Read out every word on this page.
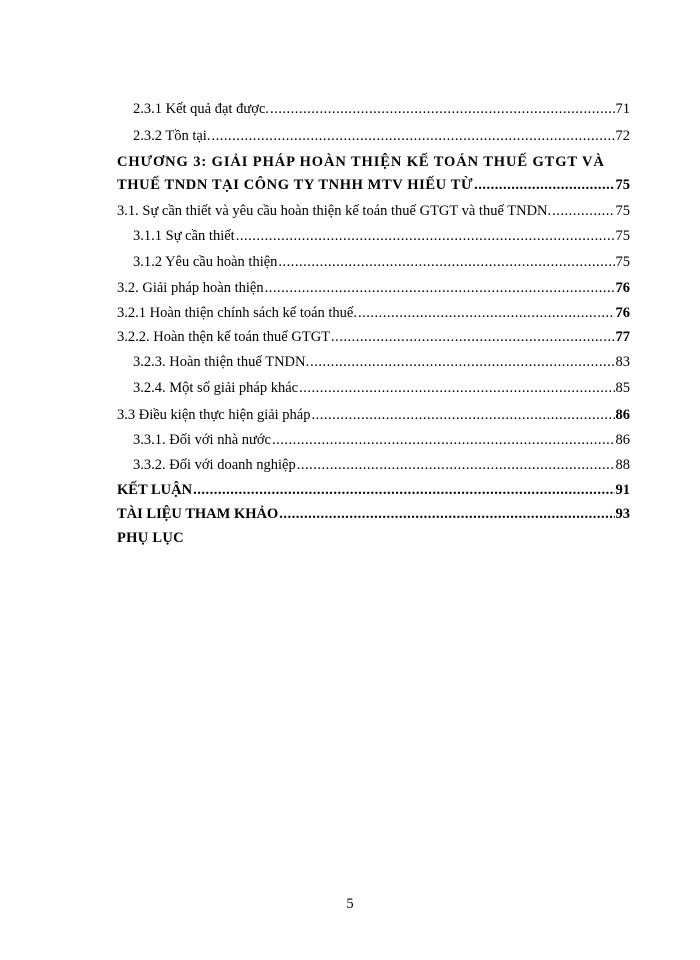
2.3.1 Kết quả đạt được. .....	71
2.3.2 Tồn tại. .....	72
CHƯƠNG 3: GIẢI PHÁP HOÀN THIỆN KẾ TOÁN THUẾ GTGT VÀ
THUẾ TNDN TẠI CÔNG TY TNHH MTV HIẾU TỪ .....	75
3.1. Sự cần thiết và yêu cầu hoàn thiện kế toán thuế GTGT và thuế TNDN. .....	75
3.1.1 Sự cần thiết .....	75
3.1.2 Yêu cầu hoàn thiện .....	75
3.2. Giải pháp hoàn thiện .....	76
3.2.1 Hoàn thiện chính sách kế toán thuế. .....	76
3.2.2. Hoàn thện kế toán thuế GTGT .....	77
3.2.3. Hoàn thiện thuế TNDN. .....	83
3.2.4. Một số giải pháp khác .....	85
3.3 Điều kiện thực hiện giải pháp .....	86
3.3.1. Đối với nhà nước .....	86
3.3.2. Đối với doanh nghiệp .....	88
KẾT LUẬN .....	91
TÀI LIỆU THAM KHẢO .....	93
PHỤ LỤC
5
